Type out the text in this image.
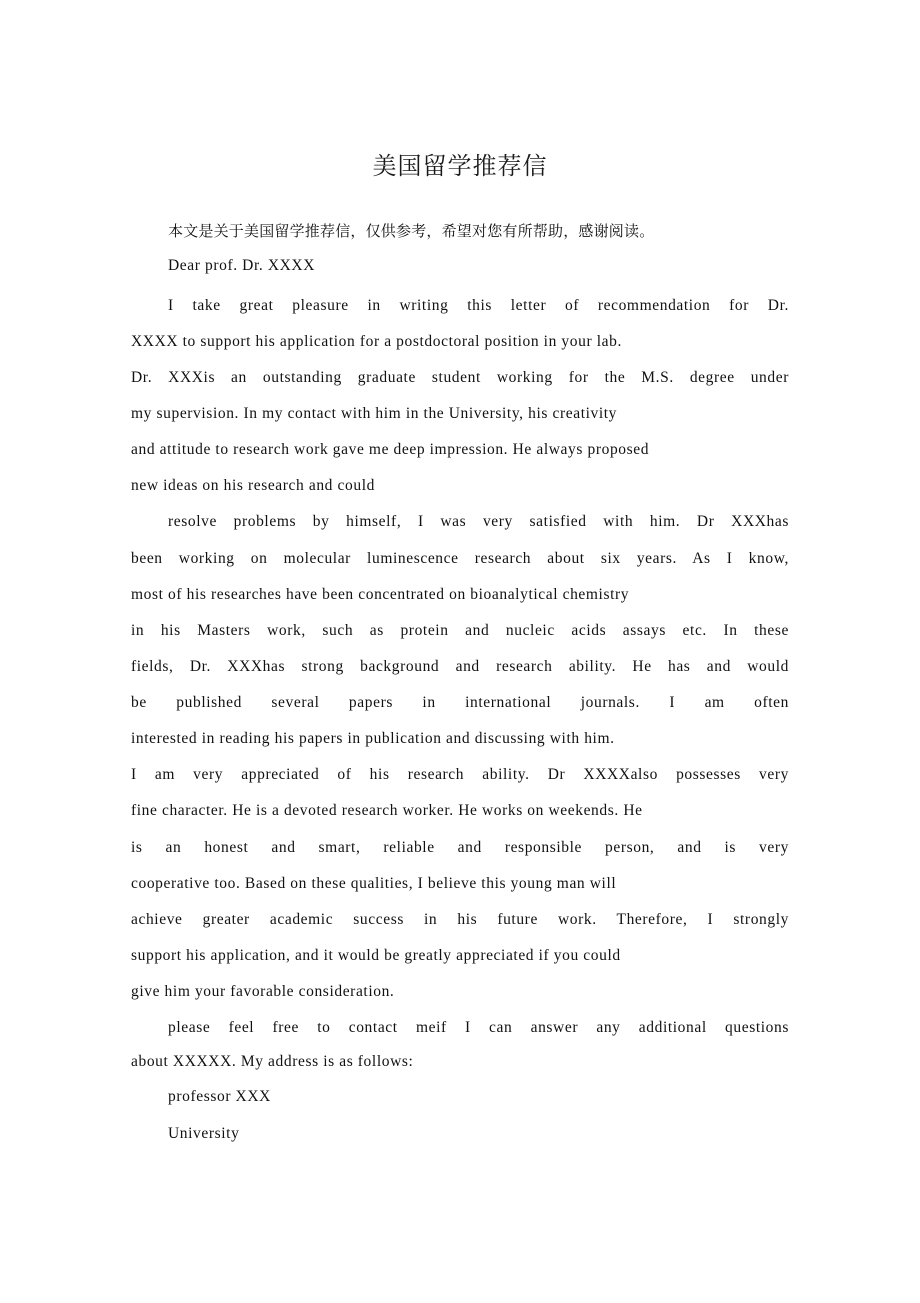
美国留学推荐信
本文是关于美国留学推荐信，仅供参考，希望对您有所帮助，感谢阅读。
Dear prof. Dr. XXXX
I take great pleasure in writing this letter of recommendation for Dr.
XXXX to support his application for a postdoctoral position in your lab.
Dr. XXXis an outstanding graduate student working for the M.S. degree under
my supervision. In my contact with him in the University, his creativity
and attitude to research work gave me deep impression. He always proposed
new ideas on his research and could
resolve problems by himself, I was very satisfied with him. Dr XXXhas
been working on molecular luminescence research about six years. As I know,
most of his researches have been concentrated on bioanalytical chemistry
in his Masters work, such as protein and nucleic acids assays etc. In these
fields, Dr. XXXhas strong background and research ability. He has and would
be published several papers in international journals. I am often
interested in reading his papers in publication and discussing with him.
I am very appreciated of his research ability. Dr XXXXalso possesses very
fine character. He is a devoted research worker. He works on weekends. He
is an honest and smart, reliable and responsible person, and is very
cooperative too. Based on these qualities, I believe this young man will
achieve greater academic success in his future work. Therefore, I strongly
support his application, and it would be greatly appreciated if you could
give him your favorable consideration.
please feel free to contact meif I can answer any additional questions
about XXXXX. My address is as follows:
professor XXX
University
